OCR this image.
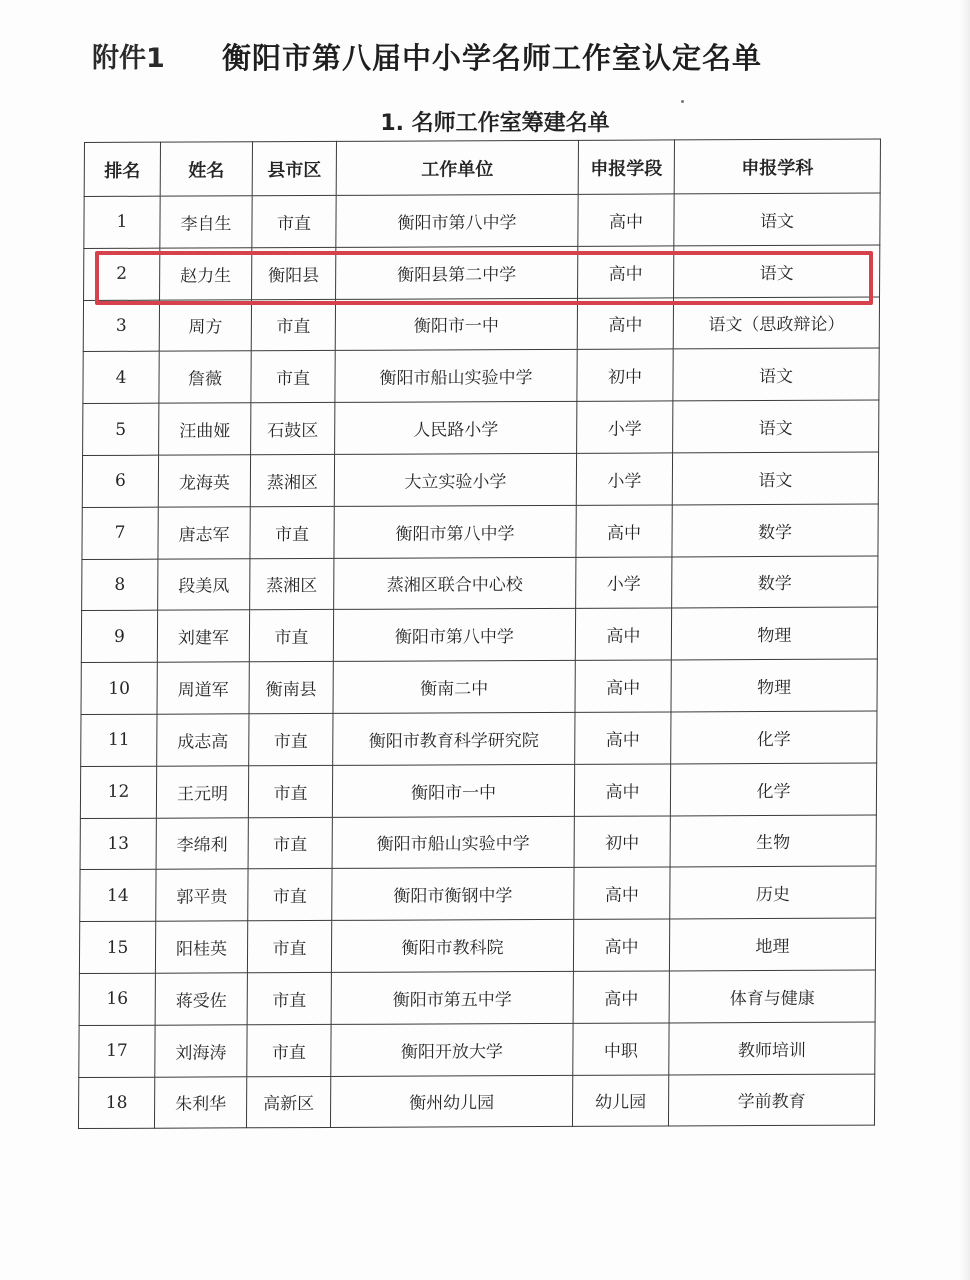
附件1 衡阳市第八届中小学名师工作室认定名单
1. 名师工作室筹建名单
排名	姓名	县市区	工作单位	申报学段	申报学科
1	李自生	市直	衡阳市第八中学	高中	语文
2	赵力生	衡阳县	衡阳县第二中学	高中	语文
3	周方	市直	衡阳市一中	高中	语文（思政辩论）
4	詹薇	市直	衡阳市船山实验中学	初中	语文
5	汪曲娅	石鼓区	人民路小学	小学	语文
6	龙海英	蒸湘区	大立实验小学	小学	语文
7	唐志军	市直	衡阳市第八中学	高中	数学
8	段美凤	蒸湘区	蒸湘区联合中心校	小学	数学
9	刘建军	市直	衡阳市第八中学	高中	物理
10	周道军	衡南县	衡南二中	高中	物理
11	成志高	市直	衡阳市教育科学研究院	高中	化学
12	王元明	市直	衡阳市一中	高中	化学
13	李绵利	市直	衡阳市船山实验中学	初中	生物
14	郭平贵	市直	衡阳市衡钢中学	高中	历史
15	阳桂英	市直	衡阳市教科院	高中	地理
16	蒋受佐	市直	衡阳市第五中学	高中	体育与健康
17	刘海涛	市直	衡阳开放大学	中职	教师培训
18	朱利华	高新区	衡州幼儿园	幼儿园	学前教育
